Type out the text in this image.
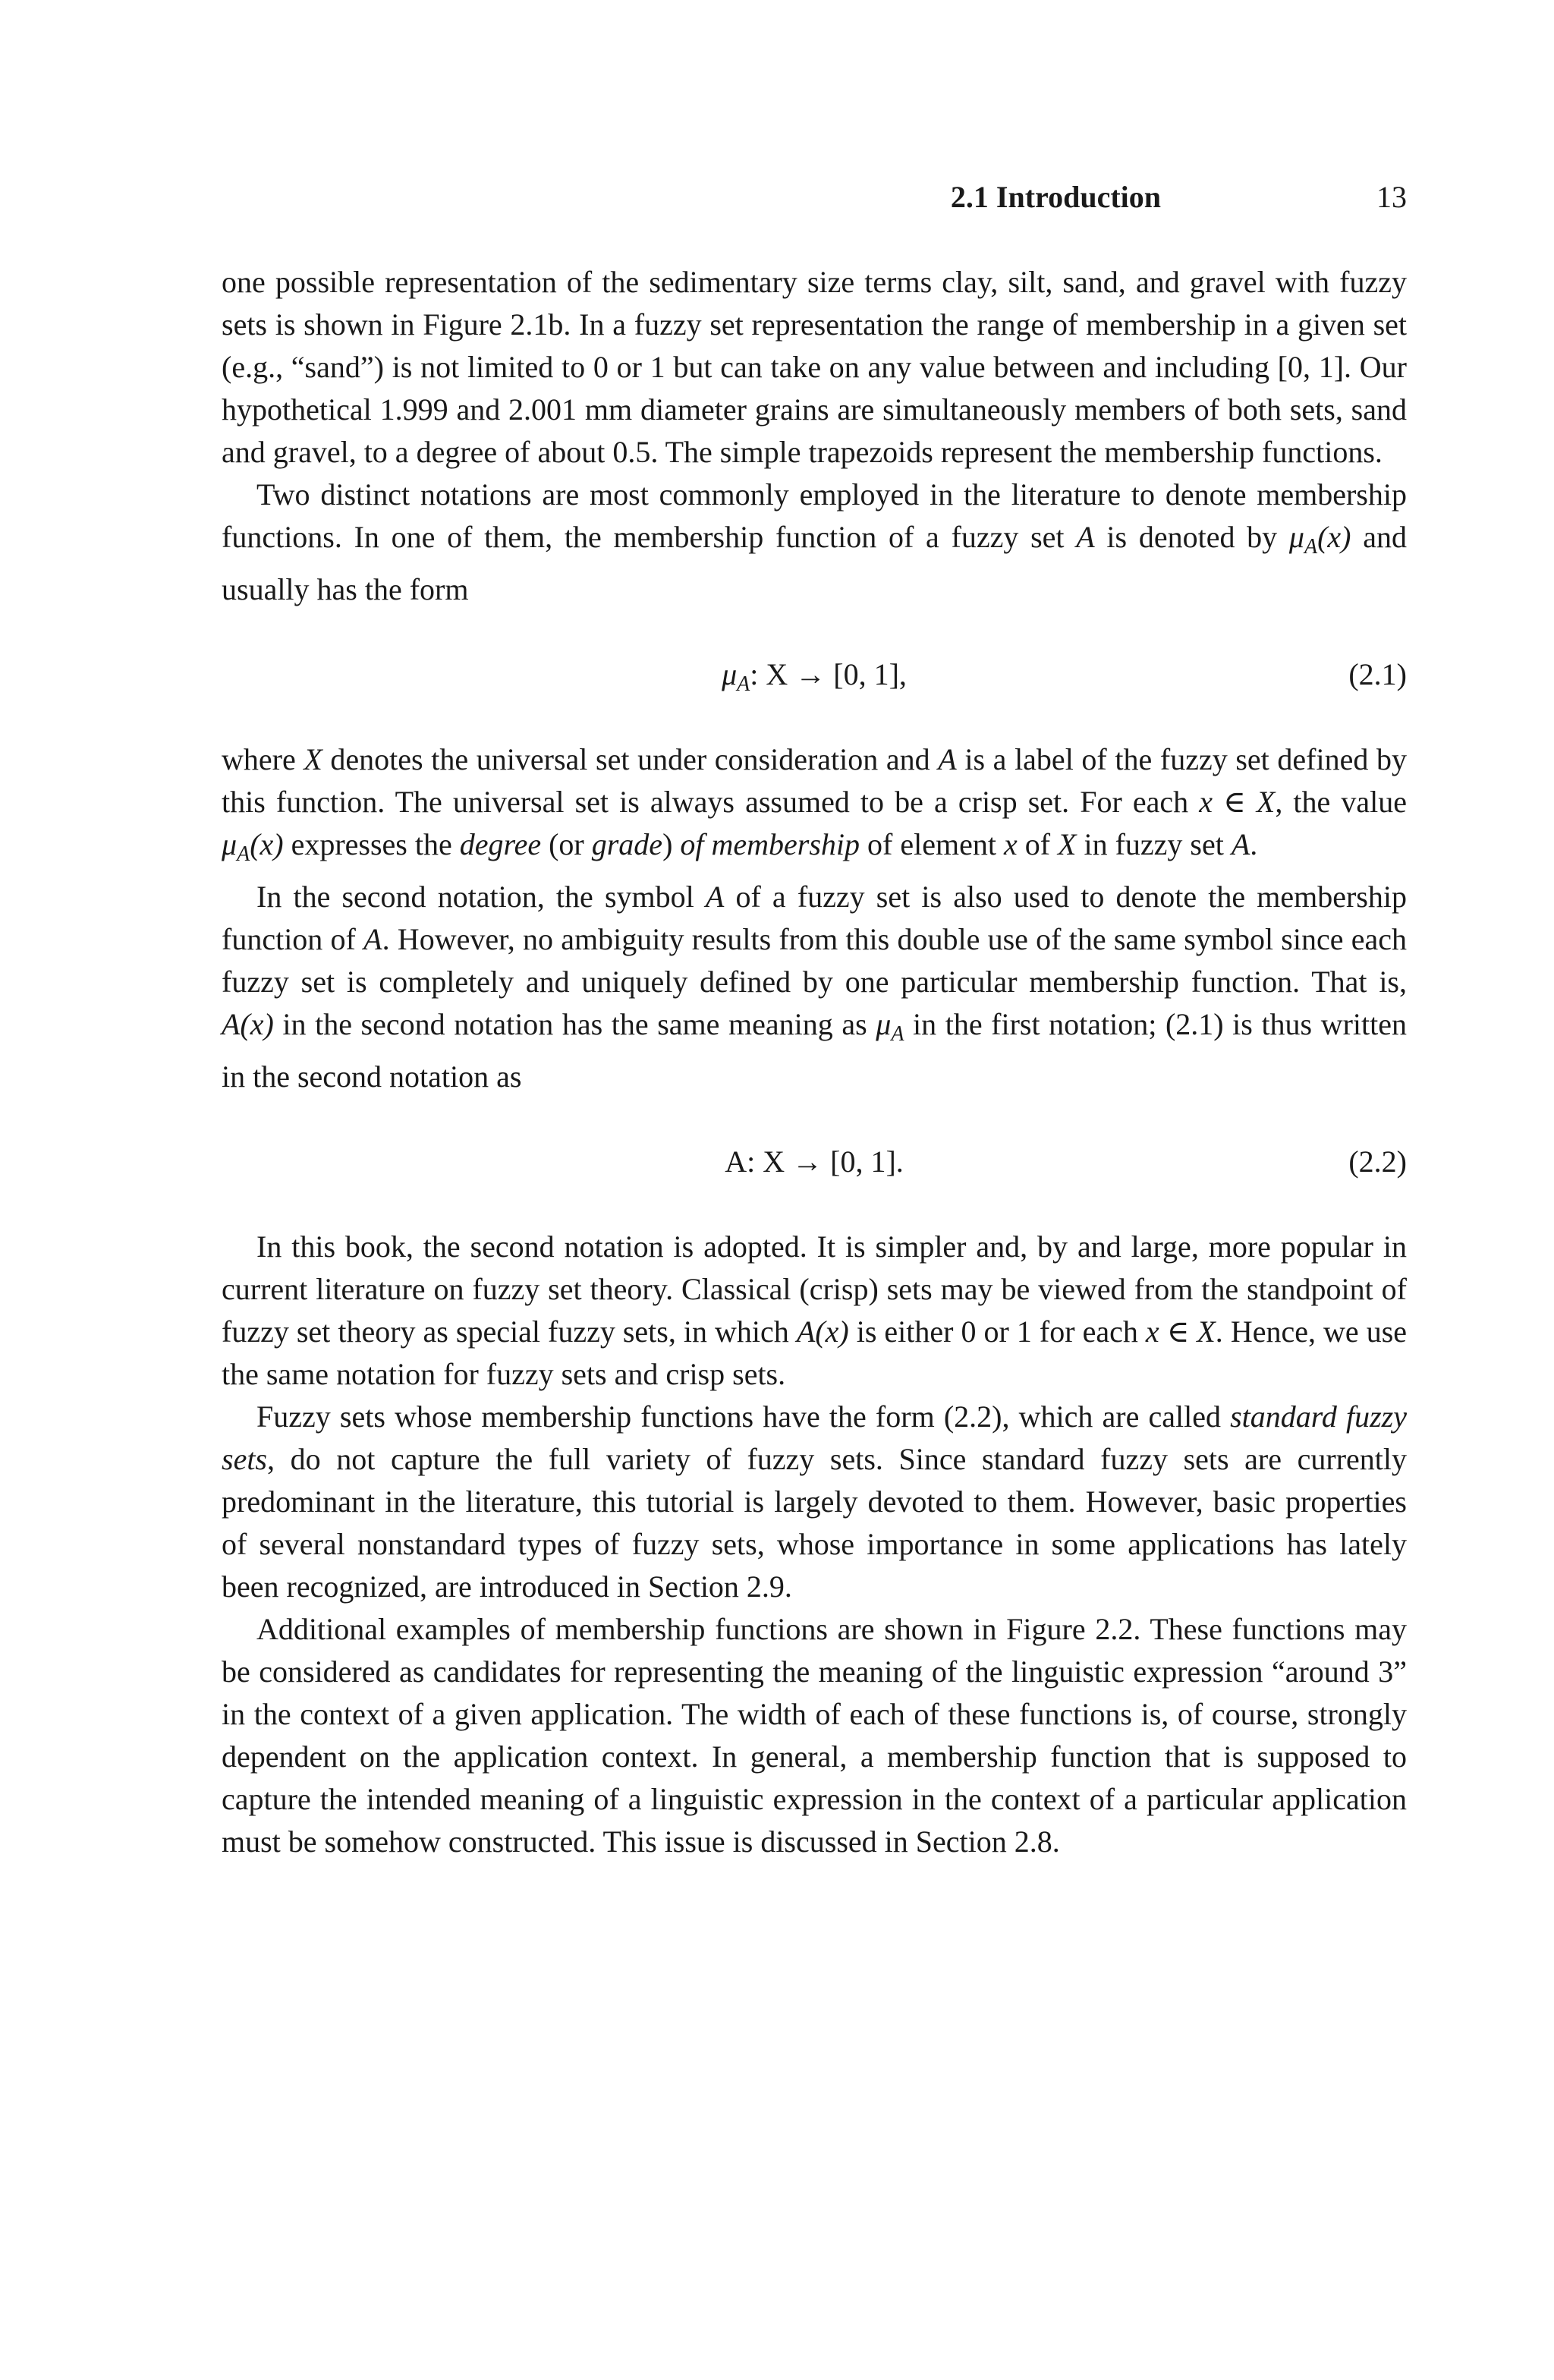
2.1 Introduction	13

one possible representation of the sedimentary size terms clay, silt, sand, and gravel with fuzzy sets is shown in Figure 2.1b. In a fuzzy set representation the range of membership in a given set (e.g., “sand”) is not limited to 0 or 1 but can take on any value between and including [0, 1]. Our hypothetical 1.999 and 2.001 mm diameter grains are simultaneously members of both sets, sand and gravel, to a degree of about 0.5. The simple trapezoids represent the membership functions.

Two distinct notations are most commonly employed in the literature to denote membership functions. In one of them, the membership function of a fuzzy set A is denoted by $\mu_A(x)$ and usually has the form

$\mu_A$: X → [0, 1],	(2.1)

where X denotes the universal set under consideration and A is a label of the fuzzy set defined by this function. The universal set is always assumed to be a crisp set. For each x ∈ X, the value $\mu_A(x)$ expresses the degree (or grade) of membership of element x of X in fuzzy set A.

In the second notation, the symbol A of a fuzzy set is also used to denote the membership function of A. However, no ambiguity results from this double use of the same symbol since each fuzzy set is completely and uniquely defined by one particular membership function. That is, A(x) in the second notation has the same meaning as $\mu_A$ in the first notation; (2.1) is thus written in the second notation as

A: X → [0, 1].	(2.2)

In this book, the second notation is adopted. It is simpler and, by and large, more popular in current literature on fuzzy set theory. Classical (crisp) sets may be viewed from the standpoint of fuzzy set theory as special fuzzy sets, in which A(x) is either 0 or 1 for each x ∈ X. Hence, we use the same notation for fuzzy sets and crisp sets.

Fuzzy sets whose membership functions have the form (2.2), which are called standard fuzzy sets, do not capture the full variety of fuzzy sets. Since standard fuzzy sets are currently predominant in the literature, this tutorial is largely devoted to them. However, basic properties of several nonstandard types of fuzzy sets, whose importance in some applications has lately been recognized, are introduced in Section 2.9.

Additional examples of membership functions are shown in Figure 2.2. These functions may be considered as candidates for representing the meaning of the linguistic expression “around 3” in the context of a given application. The width of each of these functions is, of course, strongly dependent on the application context. In general, a membership function that is supposed to capture the intended meaning of a linguistic expression in the context of a particular application must be somehow constructed. This issue is discussed in Section 2.8.
